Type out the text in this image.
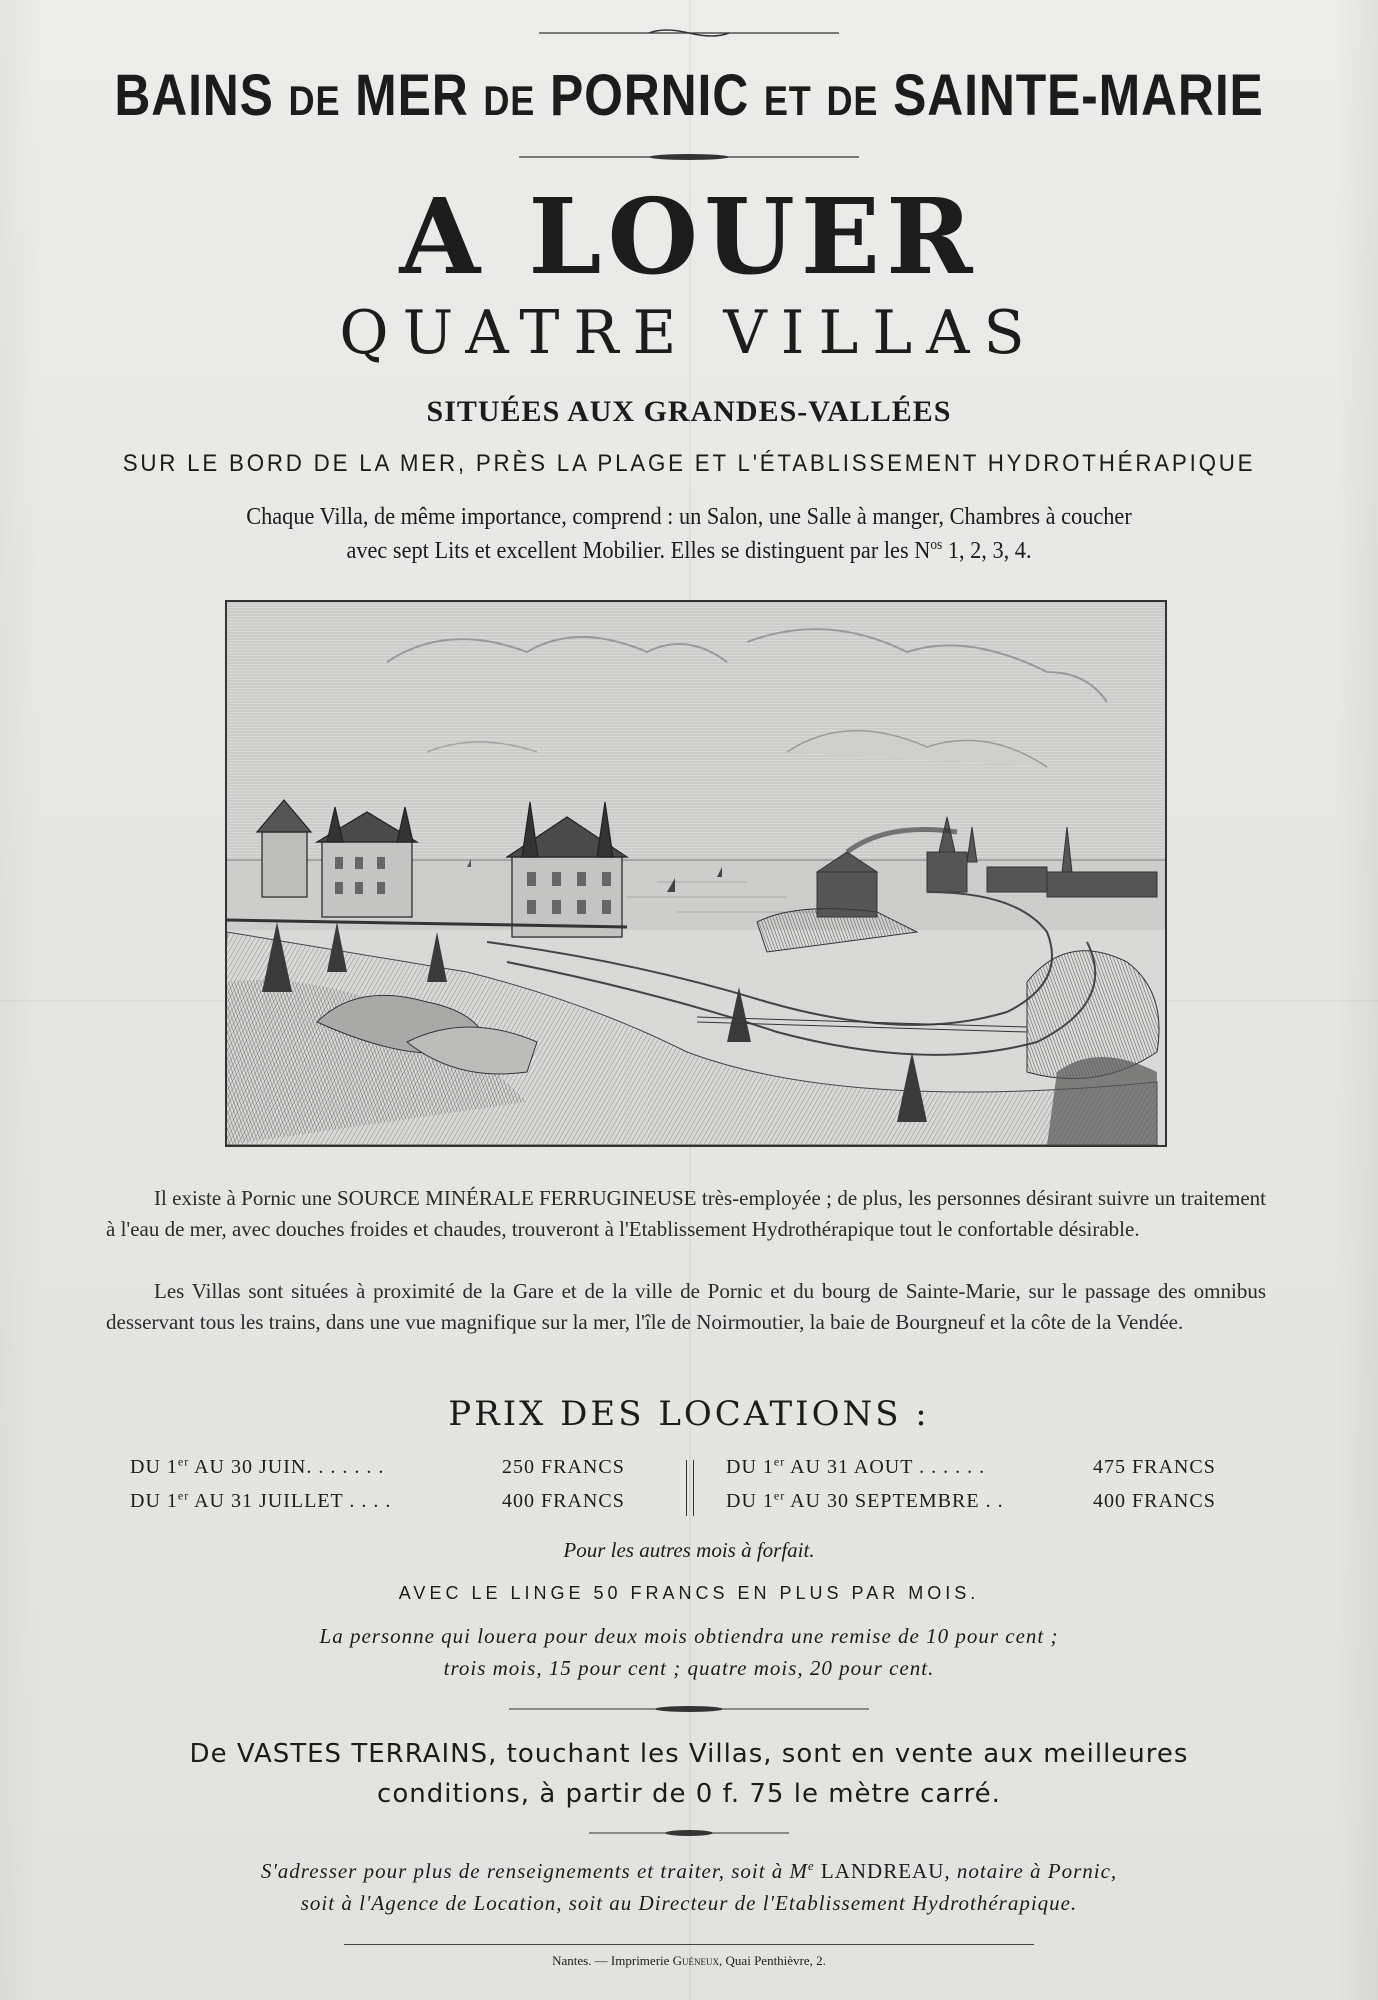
BAINS DE MER DE PORNIC ET DE SAINTE-MARIE
A LOUER
QUATRE VILLAS
SITUÉES AUX GRANDES-VALLÉES
SUR LE BORD DE LA MER, PRÈS LA PLAGE ET L'ÉTABLISSEMENT HYDROTHÉRAPIQUE
Chaque Villa, de même importance, comprend : un Salon, une Salle à manger, Chambres à coucher
avec sept Lits et excellent Mobilier. Elles se distinguent par les $N^{os}$ 1, 2, 3, 4.

Il existe à Pornic une SOURCE MINÉRALE FERRUGINEUSE très-employée ; de plus, les personnes désirant suivre un traitement à l'eau de mer, avec douches froides et chaudes, trouveront à l'Etablissement Hydrothérapique tout le confortable désirable.

Les Villas sont situées à proximité de la Gare et de la ville de Pornic et du bourg de Sainte-Marie, sur le passage des omnibus desservant tous les trains, dans une vue magnifique sur la mer, l'île de Noirmoutier, la baie de Bourgneuf et la côte de la Vendée.

PRIX DES LOCATIONS :
DU 1er AU 30 JUIN. . . . . . .	250 FRANCS
DU 1er AU 31 JUILLET . . . .	400 FRANCS
DU 1er AU 31 AOUT . . . . . .	475 FRANCS
DU 1er AU 30 SEPTEMBRE . .	400 FRANCS
Pour les autres mois à forfait.
AVEC LE LINGE 50 FRANCS EN PLUS PAR MOIS.
La personne qui louera pour deux mois obtiendra une remise de 10 pour cent ;
trois mois, 15 pour cent ; quatre mois, 20 pour cent.
De VASTES TERRAINS, touchant les Villas, sont en vente aux meilleures
conditions, à partir de 0 f. 75 le mètre carré.
S'adresser pour plus de renseignements et traiter, soit à Me LANDREAU, notaire à Pornic,
soit à l'Agence de Location, soit au Directeur de l'Etablissement Hydrothérapique.
Nantes. — Imprimerie Guéneux, Quai Penthièvre, 2.
